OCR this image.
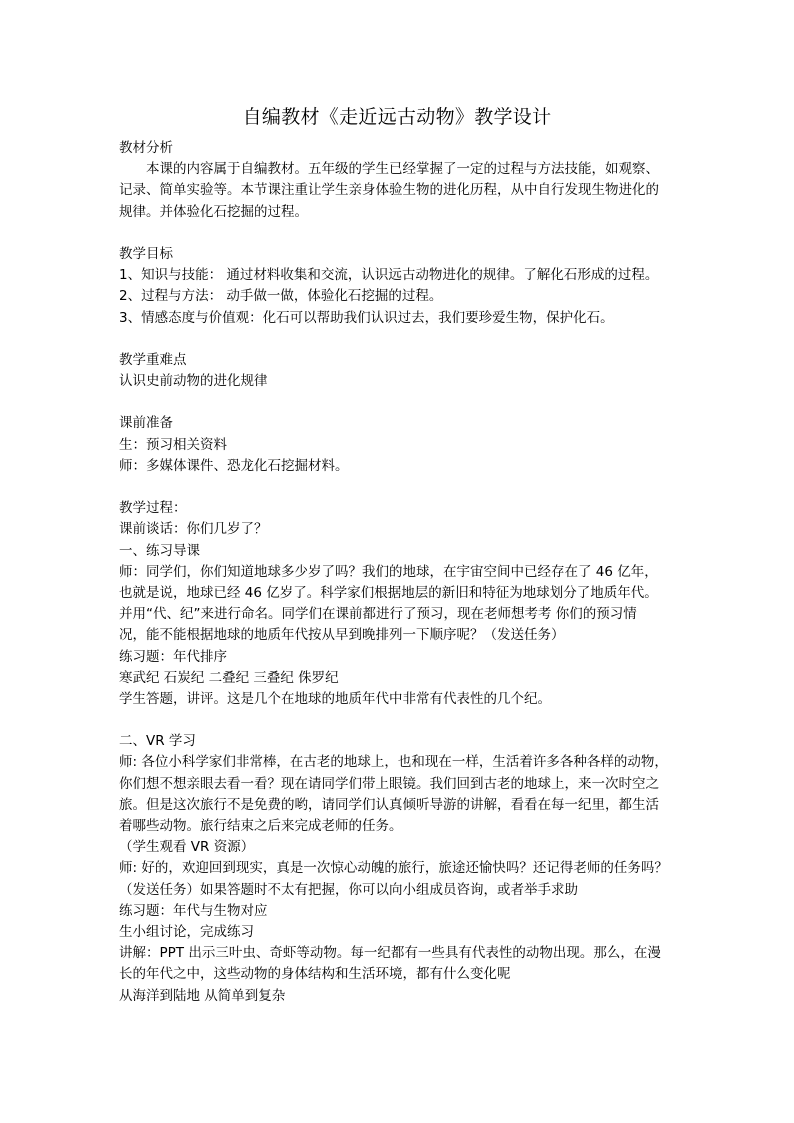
自编教材《走近远古动物》教学设计
教材分析
本课的内容属于自编教材。五年级的学生已经掌握了一定的过程与方法技能，如观察、
记录、简单实验等。本节课注重让学生亲身体验生物的进化历程，从中自行发现生物进化的
规律。并体验化石挖掘的过程。
教学目标
1、知识与技能： 通过材料收集和交流，认识远古动物进化的规律。了解化石形成的过程。
2、过程与方法： 动手做一做，体验化石挖掘的过程。
3、情感态度与价值观：化石可以帮助我们认识过去，我们要珍爱生物，保护化石。
教学重难点
认识史前动物的进化规律
课前准备
生：预习相关资料
师：多媒体课件、恐龙化石挖掘材料。
教学过程：
课前谈话：你们几岁了？
一、练习导课
师：同学们，你们知道地球多少岁了吗？我们的地球，在宇宙空间中已经存在了 46 亿年，
也就是说，地球已经 46 亿岁了。科学家们根据地层的新旧和特征为地球划分了地质年代。
并用“代、纪”来进行命名。同学们在课前都进行了预习，现在老师想考考 你们的预习情
况，能不能根据地球的地质年代按从早到晚排列一下顺序呢？（发送任务）
练习题：年代排序
寒武纪 石炭纪 二叠纪 三叠纪 侏罗纪
学生答题，讲评。这是几个在地球的地质年代中非常有代表性的几个纪。
二、VR 学习
师: 各位小科学家们非常棒，在古老的地球上，也和现在一样，生活着许多各种各样的动物，
你们想不想亲眼去看一看？现在请同学们带上眼镜。我们回到古老的地球上，来一次时空之
旅。但是这次旅行不是免费的哟，请同学们认真倾听导游的讲解，看看在每一纪里，都生活
着哪些动物。旅行结束之后来完成老师的任务。
（学生观看 VR 资源）
师: 好的，欢迎回到现实，真是一次惊心动魄的旅行，旅途还愉快吗？还记得老师的任务吗？
（发送任务）如果答题时不太有把握，你可以向小组成员咨询，或者举手求助
练习题：年代与生物对应
生小组讨论，完成练习
讲解：PPT 出示三叶虫、奇虾等动物。每一纪都有一些具有代表性的动物出现。那么，在漫
长的年代之中，这些动物的身体结构和生活环境，都有什么变化呢
从海洋到陆地 从简单到复杂
